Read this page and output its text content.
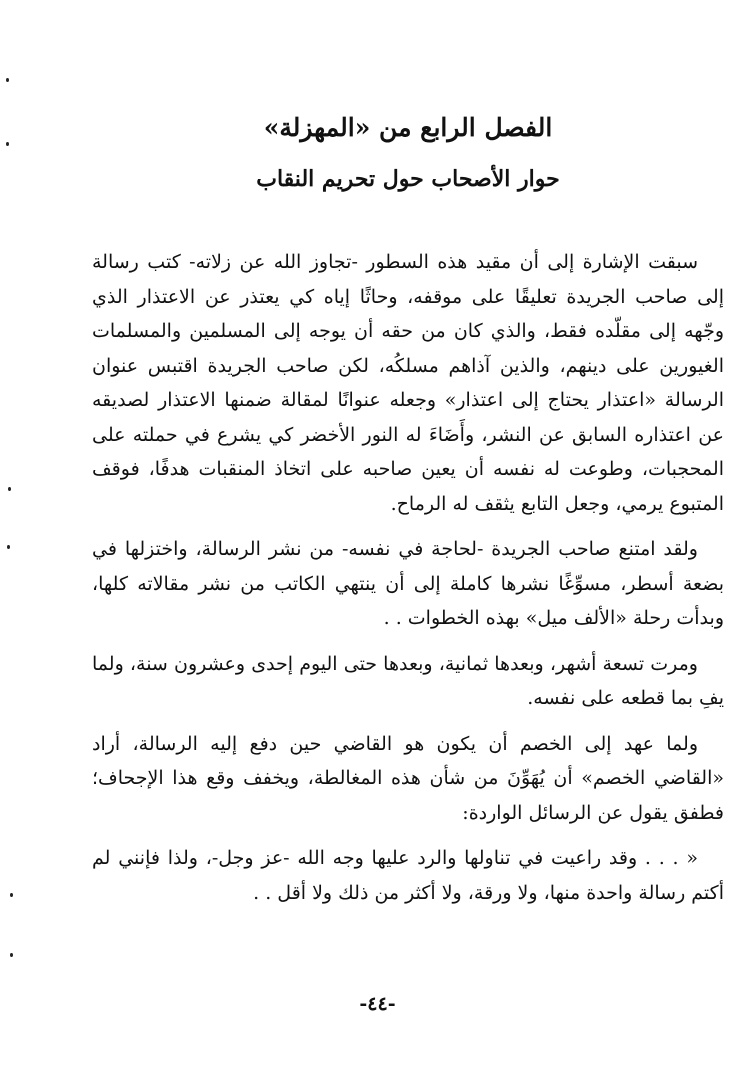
الفصل الرابع من «المهزلة»
حوار الأصحاب حول تحريم النقاب

سبقت الإشارة إلى أن مقيد هذه السطور -تجاوز الله عن زلاته- كتب رسالة إلى صاحب الجريدة تعليقًا على موقفه، وحاثًا إياه كي يعتذر عن الاعتذار الذي وجّهه إلى مقلّده فقط، والذي كان من حقه أن يوجه إلى المسلمين والمسلمات الغيورين على دينهم، والذين آذاهم مسلكُه، لكن صاحب الجريدة اقتبس عنوان الرسالة «اعتذار يحتاج إلى اعتذار» وجعله عنوانًا لمقالة ضمنها الاعتذار لصديقه عن اعتذاره السابق عن النشر، وأَضَاءَ له النور الأخضر كي يشرع في حملته على المحجبات، وطوعت له نفسه أن يعين صاحبه على اتخاذ المنقبات هدفًا، فوقف المتبوع يرمي، وجعل التابع يثقف له الرماح.

ولقد امتنع صاحب الجريدة -لحاجة في نفسه- من نشر الرسالة، واختزلها في بضعة أسطر، مسوِّغًا نشرها كاملة إلى أن ينتهي الكاتب من نشر مقالاته كلها، وبدأت رحلة «الألف ميل» بهذه الخطوات . .

ومرت تسعة أشهر، وبعدها ثمانية، وبعدها حتى اليوم إحدى وعشرون سنة، ولما يفِ بما قطعه على نفسه.

ولما عهد إلى الخصم أن يكون هو القاضي حين دفع إليه الرسالة، أراد «القاضي الخصم» أن يُهَوِّنَ من شأن هذه المغالطة، ويخفف وقع هذا الإجحاف؛ فطفق يقول عن الرسائل الواردة:

« . . . وقد راعيت في تناولها والرد عليها وجه الله -عز وجل-، ولذا فإنني لم أكتم رسالة واحدة منها، ولا ورقة، ولا أكثر من ذلك ولا أقل . .

-٤٤-
